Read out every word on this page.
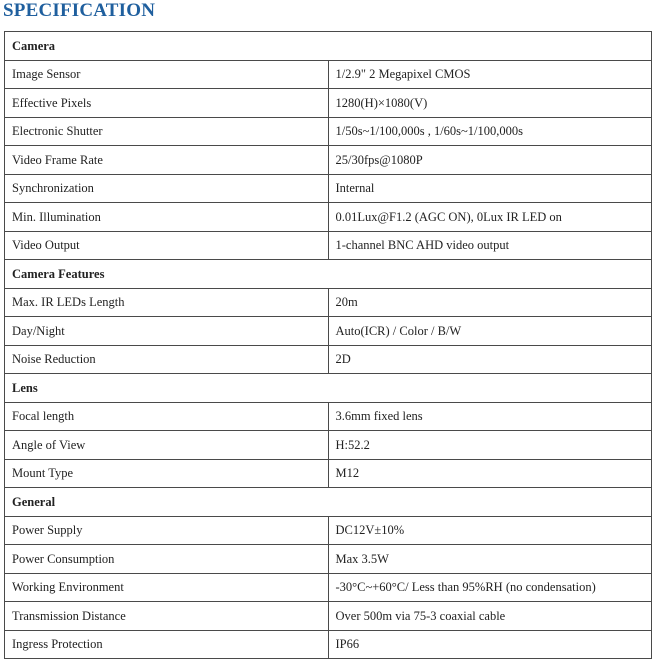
SPECIFICATION
Camera	
Image Sensor	1/2.9" 2 Megapixel CMOS
Effective Pixels	1280(H)×1080(V)
Electronic Shutter	1/50s~1/100,000s , 1/60s~1/100,000s
Video Frame Rate	25/30fps@1080P
Synchronization	Internal
Min. Illumination	0.01Lux@F1.2 (AGC ON), 0Lux IR LED on
Video Output	1-channel BNC AHD video output
Camera Features	
Max. IR LEDs Length	20m
Day/Night	Auto(ICR) / Color / B/W
Noise Reduction	2D
Lens	
Focal length	3.6mm fixed lens
Angle of View	H:52.2
Mount Type	M12
General	
Power Supply	DC12V±10%
Power Consumption	Max 3.5W
Working Environment	-30°C~+60°C/ Less than 95%RH (no condensation)
Transmission Distance	Over 500m via 75-3 coaxial cable
Ingress Protection	IP66
